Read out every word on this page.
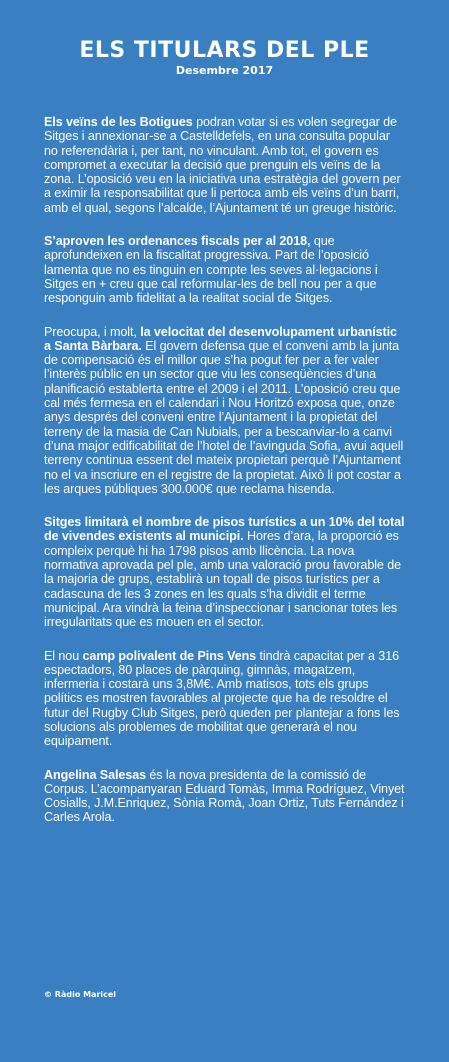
ELS TITULARS DEL PLE
Desembre 2017

Els veïns de les Botigues podran votar si es volen segregar de Sitges i annexionar-se a Castelldefels, en una consulta popular no referendària i, per tant, no vinculant. Amb tot, el govern es compromet a executar la decisió que prenguin els veïns de la zona. L’oposició veu en la iniciativa una estratègia del govern per a eximir la responsabilitat que li pertoca amb els veïns d’un barri, amb el qual, segons l’alcalde, l’Ajuntament té un greuge històric.

S’aproven les ordenances fiscals per al 2018, que aprofundeixen en la fiscalitat progressiva. Part de l’oposició lamenta que no es tinguin en compte les seves al·legacions i Sitges en + creu que cal reformular-les de bell nou per a que responguin amb fidelitat a la realitat social de Sitges.

Preocupa, i molt, la velocitat del desenvolupament urbanístic a Santa Bàrbara. El govern defensa que el conveni amb la junta de compensació és el millor que s’ha pogut fer per a fer valer l’interès públic en un sector que viu les conseqüències d’una planificació establerta entre el 2009 i el 2011. L’oposició creu que cal més fermesa en el calendari i Nou Horitzó exposa que, onze anys després del conveni entre l’Ajuntament i la propietat del terreny de la masia de Can Nubials, per a bescanviar-lo a canvi d’una major edificabilitat de l’hotel de l’avinguda Sofia, avui aquell terreny continua essent del mateix propietari perquè l’Ajuntament no el va inscriure en el registre de la propietat. Això li pot costar a les arques públiques 300.000€ que reclama hisenda.

Sitges limitarà el nombre de pisos turístics a un 10% del total de vivendes existents al municipi. Hores d’ara, la proporció es compleix perquè hi ha 1798 pisos amb llicència. La nova normativa aprovada pel ple, amb una valoració prou favorable de la majoria de grups, establirà un topall de pisos turístics per a cadascuna de les 3 zones en les quals s’ha dividit el terme municipal. Ara vindrà la feina d’inspeccionar i sancionar totes les irregularitats que es mouen en el sector.

El nou camp polivalent de Pins Vens tindrà capacitat per a 316 espectadors, 80 places de pàrquing, gimnàs, magatzem, infermeria i costarà uns 3,8M€. Amb matisos, tots els grups polítics es mostren favorables al projecte que ha de resoldre el futur del Rugby Club Sitges, però queden per plantejar a fons les solucions als problemes de mobilitat que generarà el nou equipament.

Angelina Salesas és la nova presidenta de la comissió de Corpus. L’acompanyaran Eduard Tomàs, Imma Rodríguez, Vinyet Cosialls, J.M.Enriquez, Sònia Romà, Joan Ortiz, Tuts Fernández i Carles Arola.

© Ràdio Maricel
